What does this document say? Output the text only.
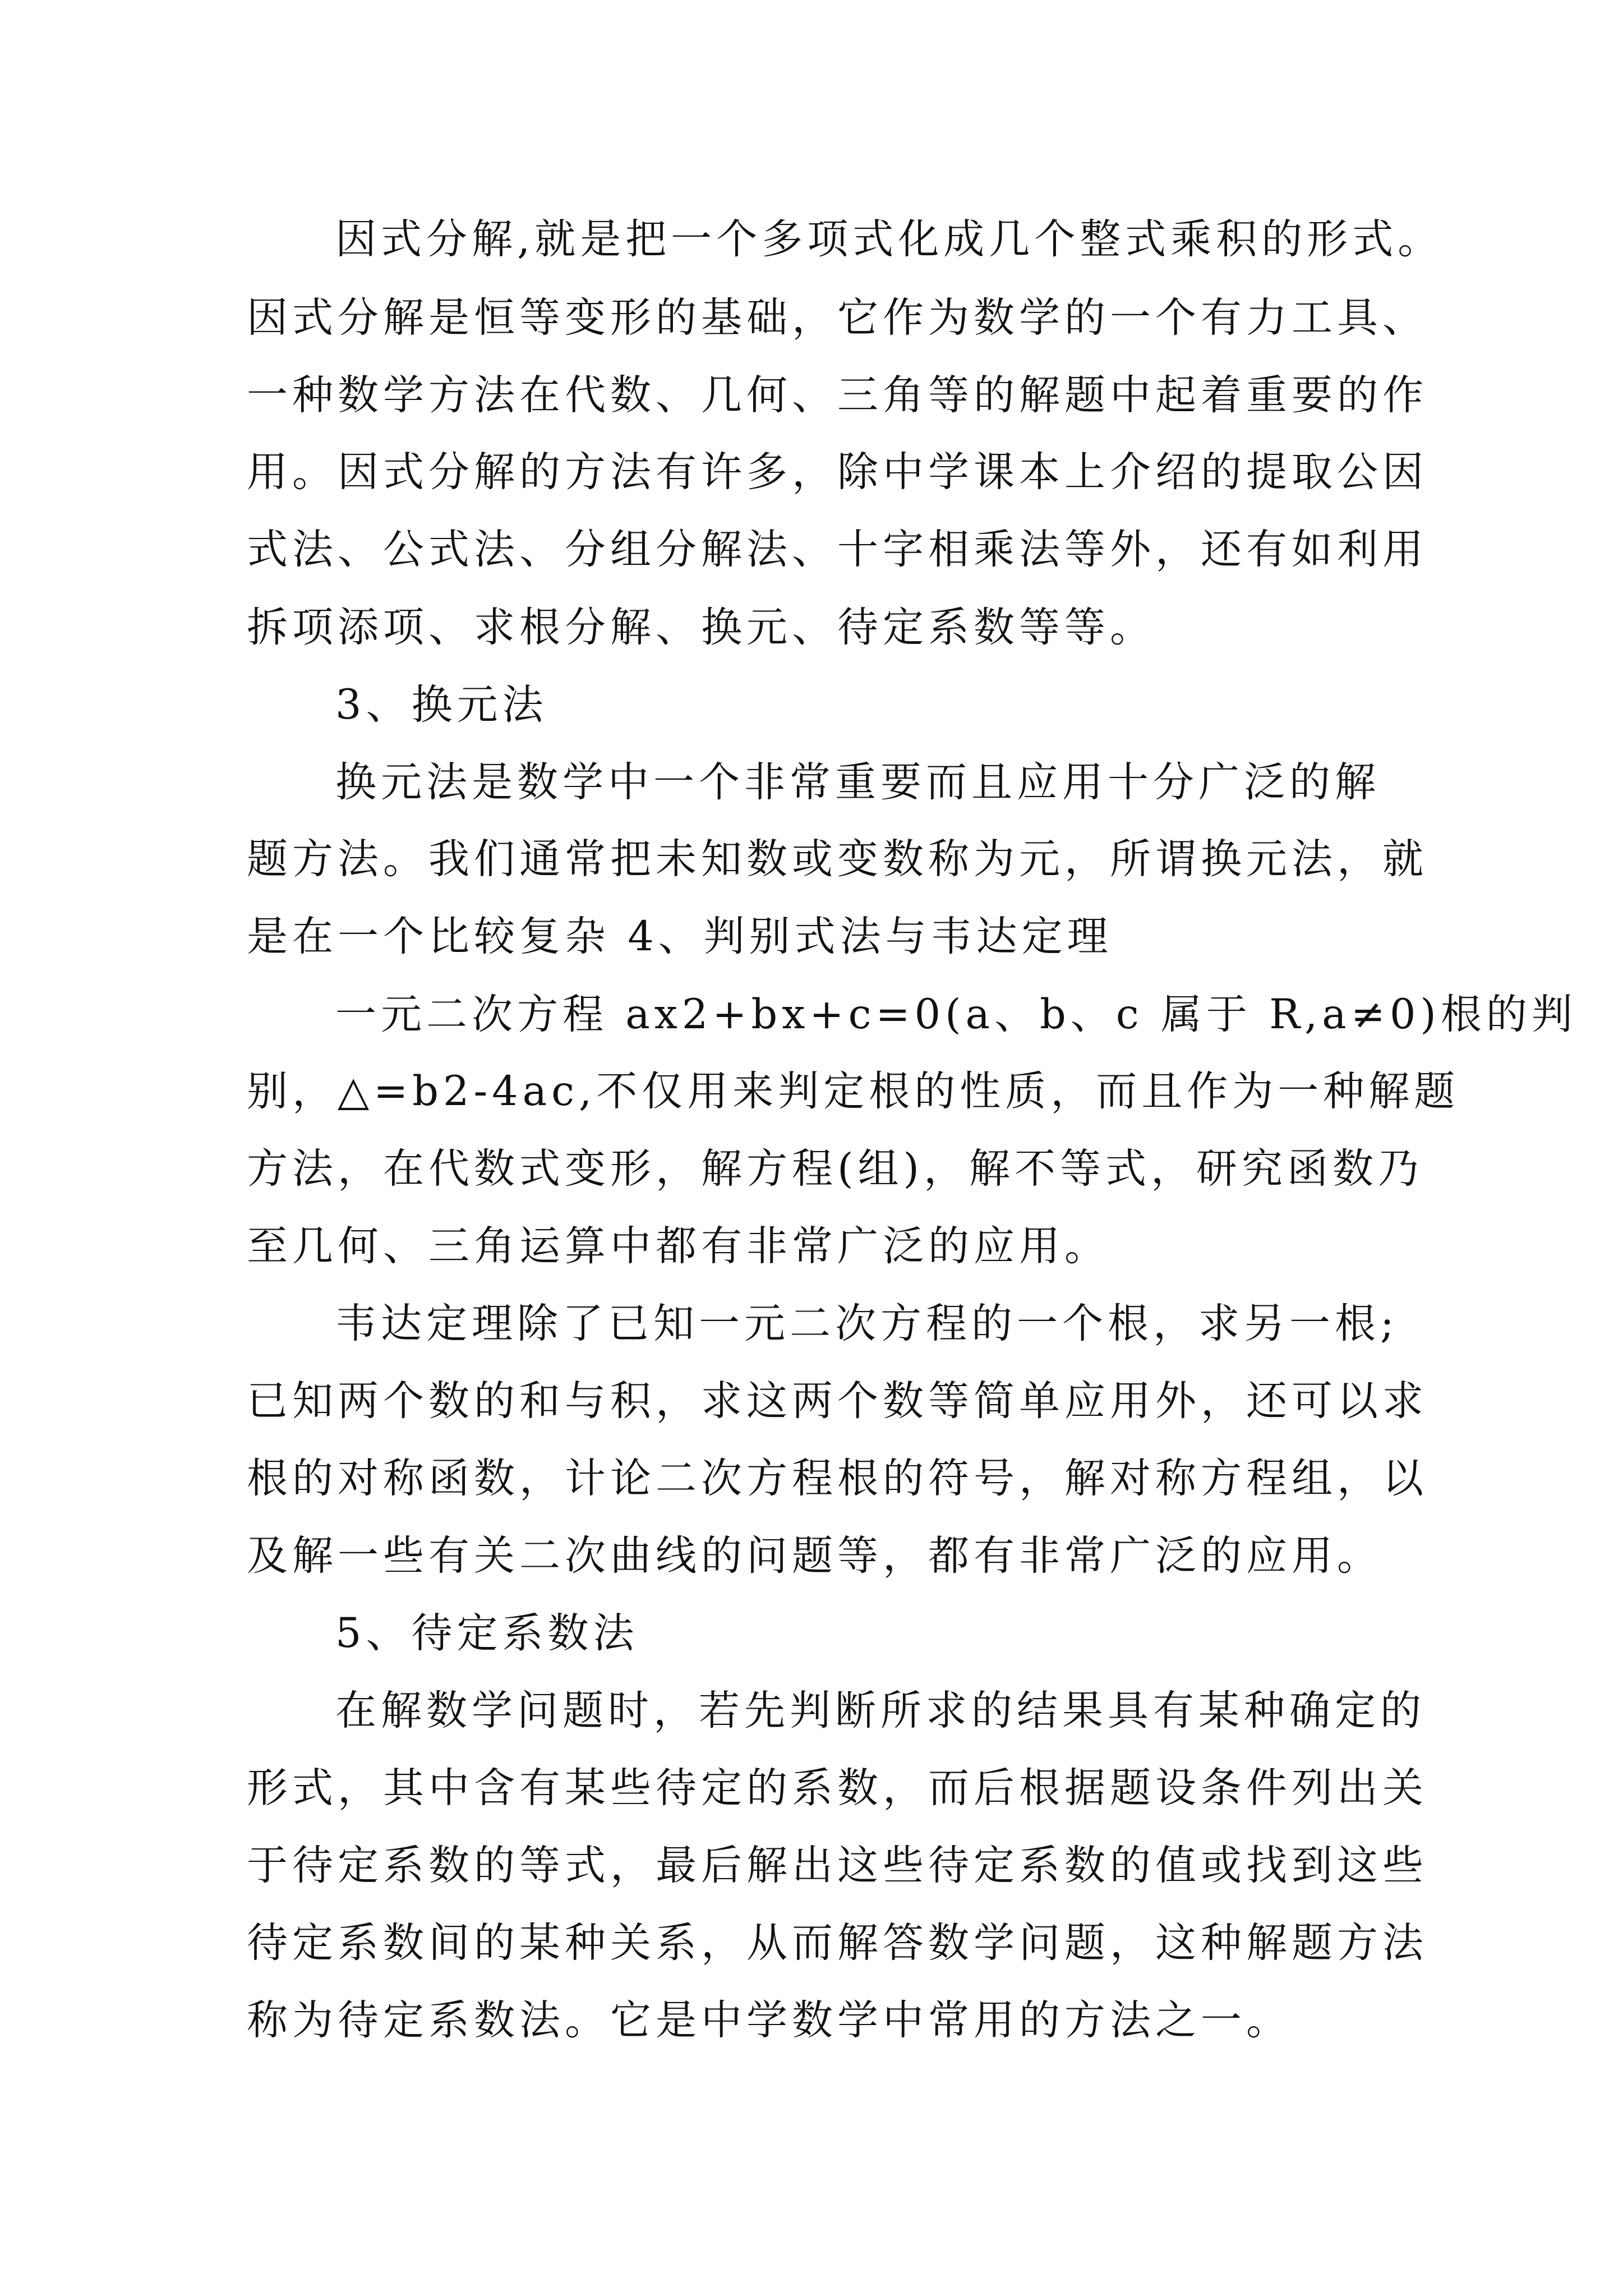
因式分解,就是把一个多项式化成几个整式乘积的形式。
因式分解是恒等变形的基础，它作为数学的一个有力工具、
一种数学方法在代数、几何、三角等的解题中起着重要的作
用。因式分解的方法有许多，除中学课本上介绍的提取公因
式法、公式法、分组分解法、十字相乘法等外，还有如利用
拆项添项、求根分解、换元、待定系数等等。
3、换元法
换元法是数学中一个非常重要而且应用十分广泛的解
题方法。我们通常把未知数或变数称为元，所谓换元法，就
是在一个比较复杂 4、判别式法与韦达定理
一元二次方程 ax2+bx+c=0(a、b、c 属于 R,a≠0)根的判
别，△=b2-4ac,不仅用来判定根的性质，而且作为一种解题
方法，在代数式变形，解方程(组)，解不等式，研究函数乃
至几何、三角运算中都有非常广泛的应用。
韦达定理除了已知一元二次方程的一个根，求另一根;
已知两个数的和与积，求这两个数等简单应用外，还可以求
根的对称函数，计论二次方程根的符号，解对称方程组，以
及解一些有关二次曲线的问题等，都有非常广泛的应用。
5、待定系数法
在解数学问题时，若先判断所求的结果具有某种确定的
形式，其中含有某些待定的系数，而后根据题设条件列出关
于待定系数的等式，最后解出这些待定系数的值或找到这些
待定系数间的某种关系，从而解答数学问题，这种解题方法
称为待定系数法。它是中学数学中常用的方法之一。
